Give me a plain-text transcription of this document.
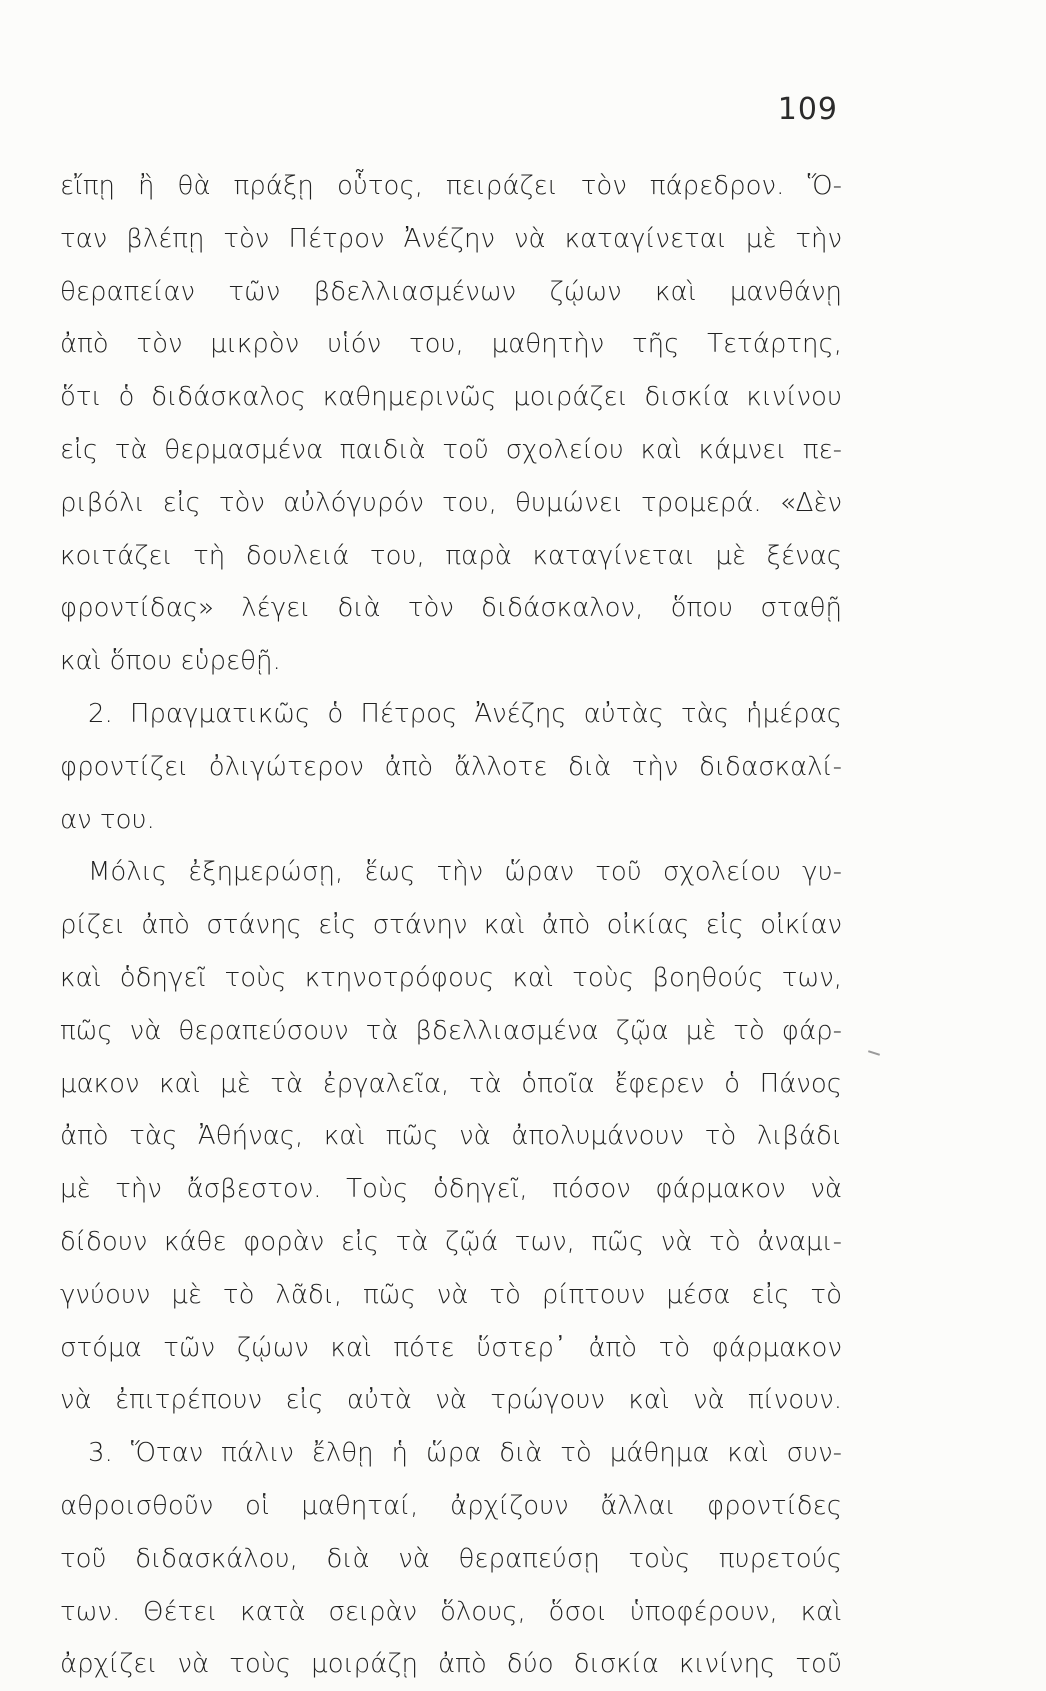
109
εἴπῃ ἢ θὰ πράξῃ οὗτος, πειράζει τὸν πάρεδρον. Ὅ-
ταν βλέπῃ τὸν Πέτρον Ἀνέζην νὰ καταγίνεται μὲ τὴν
θεραπείαν τῶν βδελλιασμένων ζῴων καὶ μανθάνῃ
ἀπὸ τὸν μικρὸν υἱόν του, μαθητὴν τῆς Τετάρτης,
ὅτι ὁ διδάσκαλος καθημερινῶς μοιράζει δισκία κινίνου
εἰς τὰ θερμασμένα παιδιὰ τοῦ σχολείου καὶ κάμνει πε-
ριβόλι εἰς τὸν αὐλόγυρόν του, θυμώνει τρομερά. «Δὲν
κοιτάζει τὴ δουλειά του, παρὰ καταγίνεται μὲ ξένας
φροντίδας» λέγει διὰ τὸν διδάσκαλον, ὅπου σταθῇ
καὶ ὅπου εὑρεθῇ.
2. Πραγματικῶς ὁ Πέτρος Ἀνέζης αὐτὰς τὰς ἡμέρας
φροντίζει ὀλιγώτερον ἀπὸ ἄλλοτε διὰ τὴν διδασκαλί-
αν του.
Μόλις ἐξημερώσῃ, ἕως τὴν ὥραν τοῦ σχολείου γυ-
ρίζει ἀπὸ στάνης εἰς στάνην καὶ ἀπὸ οἰκίας εἰς οἰκίαν
καὶ ὁδηγεῖ τοὺς κτηνοτρόφους καὶ τοὺς βοηθούς των,
πῶς νὰ θεραπεύσουν τὰ βδελλιασμένα ζῷα μὲ τὸ φάρ-
μακον καὶ μὲ τὰ ἐργαλεῖα, τὰ ὁποῖα ἔφερεν ὁ Πάνος
ἀπὸ τὰς Ἀθήνας, καὶ πῶς νὰ ἀπολυμάνουν τὸ λιβάδι
μὲ τὴν ἄσβεστον. Τοὺς ὁδηγεῖ, πόσον φάρμακον νὰ
δίδουν κάθε φορὰν εἰς τὰ ζῷά των, πῶς νὰ τὸ ἀναμι-
γνύουν μὲ τὸ λᾶδι, πῶς νὰ τὸ ρίπτουν μέσα εἰς τὸ
στόμα τῶν ζῴων καὶ πότε ὕστερ᾽ ἀπὸ τὸ φάρμακον
νὰ ἐπιτρέπουν εἰς αὐτὰ νὰ τρώγουν καὶ νὰ πίνουν.
3. Ὅταν πάλιν ἔλθῃ ἡ ὥρα διὰ τὸ μάθημα καὶ συν-
αθροισθοῦν οἱ μαθηταί, ἀρχίζουν ἄλλαι φροντίδες
τοῦ διδασκάλου, διὰ νὰ θεραπεύσῃ τοὺς πυρετούς
των. Θέτει κατὰ σειρὰν ὅλους, ὅσοι ὑποφέρουν, καὶ
ἀρχίζει νὰ τοὺς μοιράζῃ ἀπὸ δύο δισκία κινίνης τοῦ
